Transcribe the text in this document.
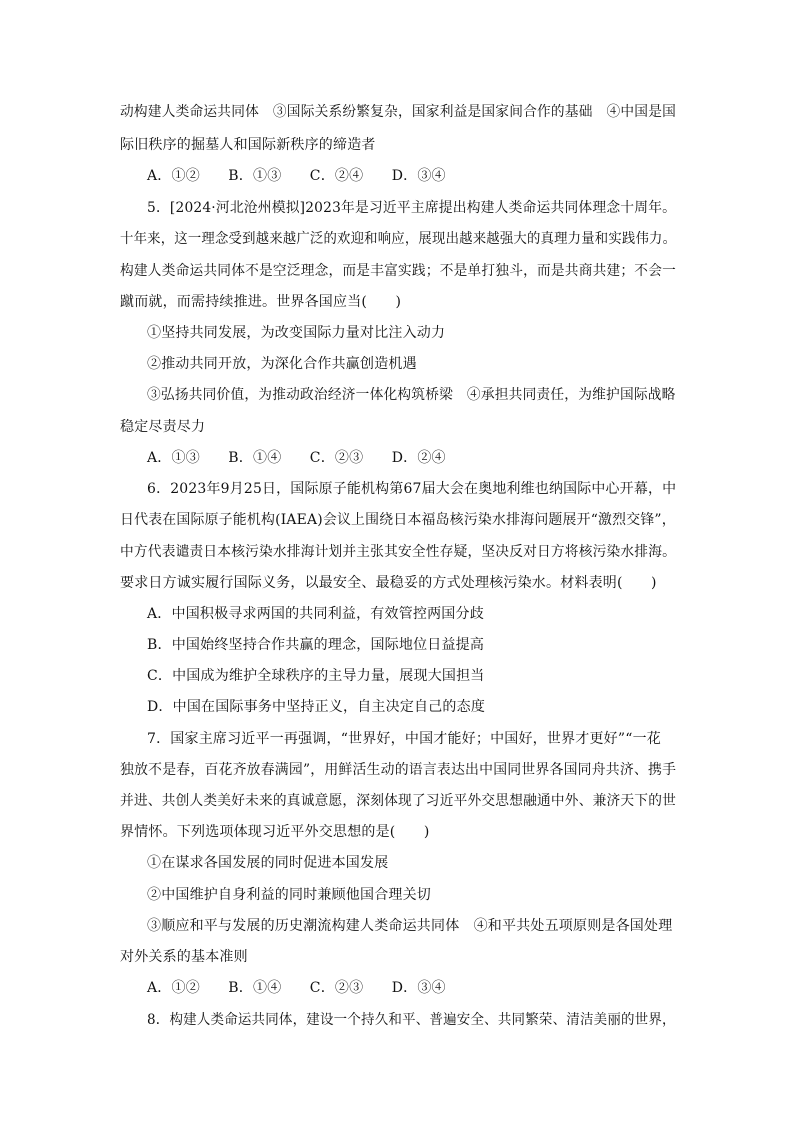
动构建人类命运共同体　③国际关系纷繁复杂，国家利益是国家间合作的基础　④中国是国
际旧秩序的掘墓人和国际新秩序的缔造者
A．①②　　B．①③　　C．②④　　D．③④
5．[2024·河北沧州模拟]2023年是习近平主席提出构建人类命运共同体理念十周年。
十年来，这一理念受到越来越广泛的欢迎和响应，展现出越来越强大的真理力量和实践伟力。
构建人类命运共同体不是空泛理念，而是丰富实践；不是单打独斗，而是共商共建；不会一
蹴而就，而需持续推进。世界各国应当(　　)
①坚持共同发展，为改变国际力量对比注入动力
②推动共同开放，为深化合作共赢创造机遇
③弘扬共同价值，为推动政治经济一体化构筑桥梁　④承担共同责任，为维护国际战略
稳定尽责尽力
A．①③　　B．①④　　C．②③　　D．②④
6．2023年9月25日，国际原子能机构第67届大会在奥地利维也纳国际中心开幕，中
日代表在国际原子能机构(IAEA)会议上围绕日本福岛核污染水排海问题展开“激烈交锋”，
中方代表谴责日本核污染水排海计划并主张其安全性存疑，坚决反对日方将核污染水排海。
要求日方诚实履行国际义务，以最安全、最稳妥的方式处理核污染水。材料表明(　　)
A．中国积极寻求两国的共同利益，有效管控两国分歧
B．中国始终坚持合作共赢的理念，国际地位日益提高
C．中国成为维护全球秩序的主导力量，展现大国担当
D．中国在国际事务中坚持正义，自主决定自己的态度
7．国家主席习近平一再强调，“世界好，中国才能好；中国好，世界才更好”“一花
独放不是春，百花齐放春满园”，用鲜活生动的语言表达出中国同世界各国同舟共济、携手
并进、共创人类美好未来的真诚意愿，深刻体现了习近平外交思想融通中外、兼济天下的世
界情怀。下列选项体现习近平外交思想的是(　　)
①在谋求各国发展的同时促进本国发展
②中国维护自身利益的同时兼顾他国合理关切
③顺应和平与发展的历史潮流构建人类命运共同体　④和平共处五项原则是各国处理
对外关系的基本准则
A．①②　　B．①④　　C．②③　　D．③④
8．构建人类命运共同体，建设一个持久和平、普遍安全、共同繁荣、清洁美丽的世界，
